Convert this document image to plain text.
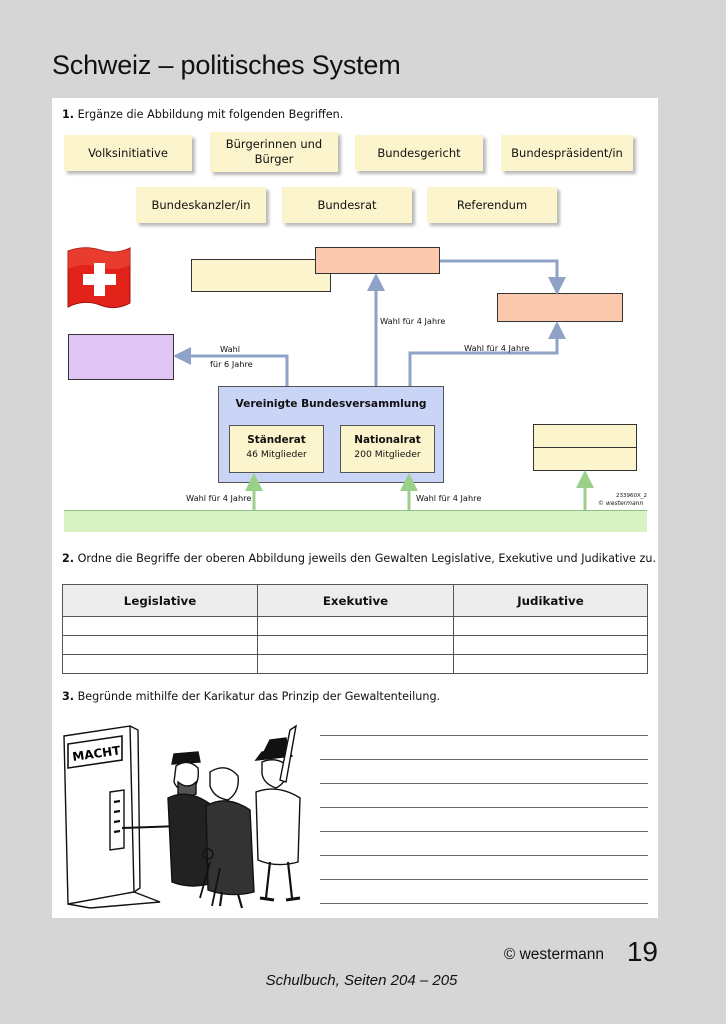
Schweiz – politisches System
1. Ergänze die Abbildung mit folgenden Begriffen.
Volksinitiative
Bürgerinnen und Bürger	Bundesgericht	Bundespräsident/in
Bundeskanzler/in	Bundesrat	Referendum
Vereinigte Bundesversammlung
Ständerat
46 Mitglieder
Nationalrat
200 Mitglieder
Wahl für 4 Jahre
Wahl für 4 Jahre
Wahl
für 6 Jahre
Wahl für 4 Jahre	Wahl für 4 Jahre	233960X_2
© westermann
2. Ordne die Begriffe der oberen Abbildung jeweils den Gewalten Legislative, Exekutive und Judikative zu.
Legislative	Exekutive	Judikative

3. Begründe mithilfe der Karikatur das Prinzip der Gewaltenteilung.
MACHT
© westermann 19
Schulbuch, Seiten 204 – 205
